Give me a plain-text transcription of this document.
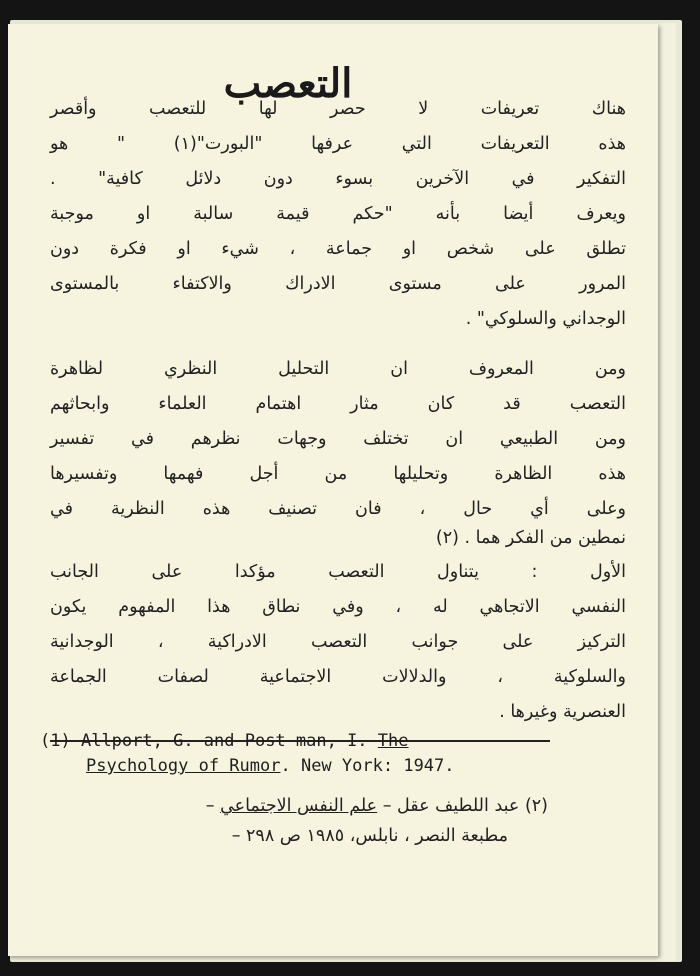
التعصب
هناك تعريفات لا حصر لها للتعصب وأقصر
هذه التعريفات التي عرفها "البورت"(١) " هو
التفكير في الآخرين بسوء دون دلائل كافية" .
ويعرف أيضا بأنه "حكم قيمة سالبة او موجبة
تطلق على شخص او جماعة ، شيء او فكرة دون
المرور على مستوى الادراك والاكتفاء بالمستوى
الوجداني والسلوكي" .
ومن المعروف ان التحليل النظري لظاهرة
التعصب قد كان مثار اهتمام العلماء وابحاثهم
ومن الطبيعي ان تختلف وجهات نظرهم في تفسير
هذه الظاهرة وتحليلها من أجل فهمها وتفسيرها
وعلى أي حال ، فان تصنيف هذه النظرية في
نمطين من الفكر هما . (٢)
الأول : يتناول التعصب مؤكدا على الجانب
النفسي الاتجاهي له ، وفي نطاق هذا المفهوم يكون
التركيز على جوانب التعصب الادراكية ، الوجدانية
والسلوكية ، والدلالات الاجتماعية لصفات الجماعة
العنصرية وغيرها .
(1) Allport, G. and Post man, I. The
Psychology of Rumor. New York: 1947.
(٢) عبد اللطيف عقل – علم النفس الاجتماعي –
مطبعة النصر ، نابلس، ١٩٨٥ ص ٢٩٨ –
